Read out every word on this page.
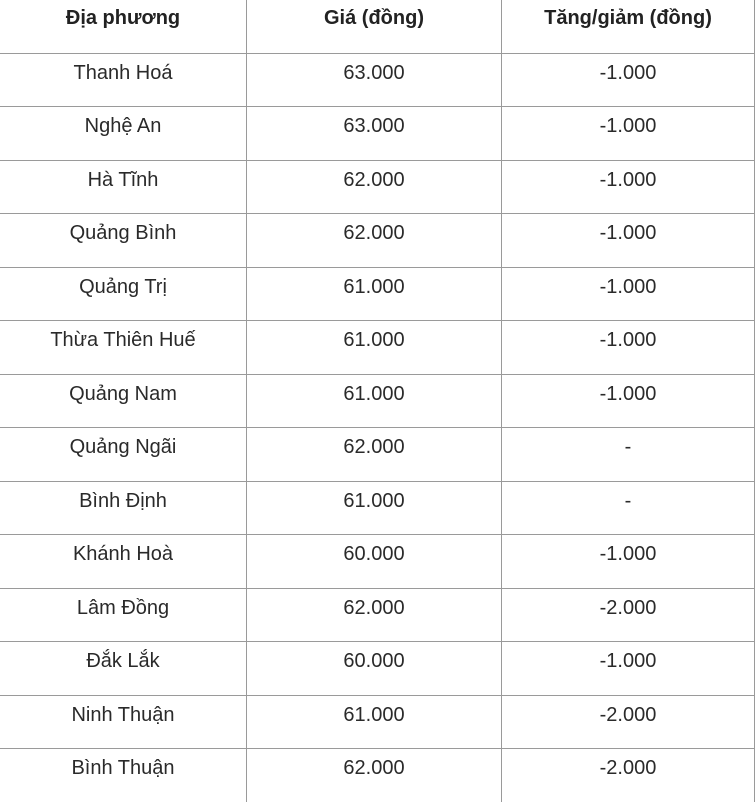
Địa phương	Giá (đồng)	Tăng/giảm (đồng)
Thanh Hoá	63.000	-1.000
Nghệ An	63.000	-1.000
Hà Tĩnh	62.000	-1.000
Quảng Bình	62.000	-1.000
Quảng Trị	61.000	-1.000
Thừa Thiên Huế	61.000	-1.000
Quảng Nam	61.000	-1.000
Quảng Ngãi	62.000	-
Bình Định	61.000	-
Khánh Hoà	60.000	-1.000
Lâm Đồng	62.000	-2.000
Đắk Lắk	60.000	-1.000
Ninh Thuận	61.000	-2.000
Bình Thuận	62.000	-2.000
